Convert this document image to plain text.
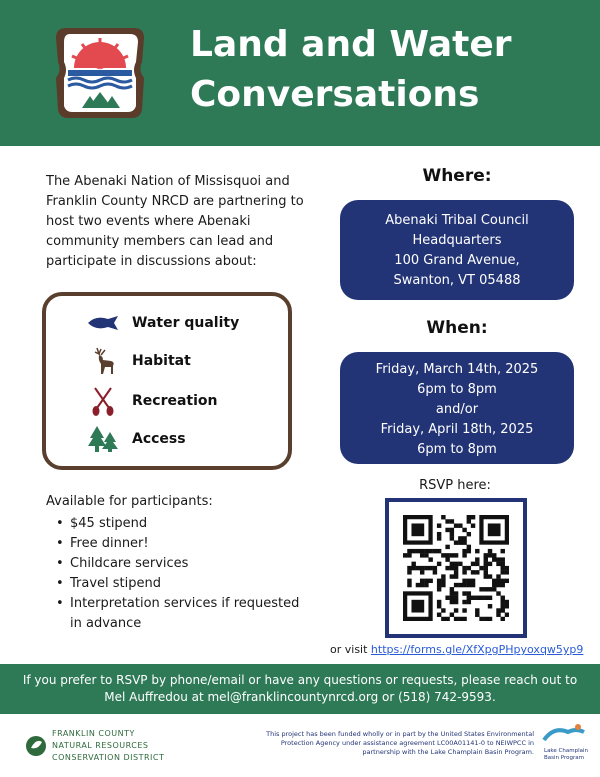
Land and Water
Conversations
The Abenaki Nation of Missisquoi and Franklin County NRCD are partnering to host two events where Abenaki community members can lead and participate in discussions about:
Water quality
Habitat
Recreation
Access
Available for participants:
• $45 stipend
• Free dinner!
• Childcare services
• Travel stipend
• Interpretation services if requested in advance
Where:
Abenaki Tribal Council
Headquarters
100 Grand Avenue,
Swanton, VT 05488
When:
Friday, March 14th, 2025
6pm to 8pm
and/or
Friday, April 18th, 2025
6pm to 8pm
RSVP here:
or visit https://forms.gle/XfXpgPHpyoxqw5yp9
If you prefer to RSVP by phone/email or have any questions or requests, please reach out to
Mel Auffredou at mel@franklincountynrcd.org or (518) 742-9593.
FRANKLIN COUNTY
NATURAL RESOURCES
CONSERVATION DISTRICT
This project has been funded wholly or in part by the United States Environmental
Protection Agency under assistance agreement LC00A01141-0 to NEIWPCC in
partnership with the Lake Champlain Basin Program. Lake Champlain
Basin Program
